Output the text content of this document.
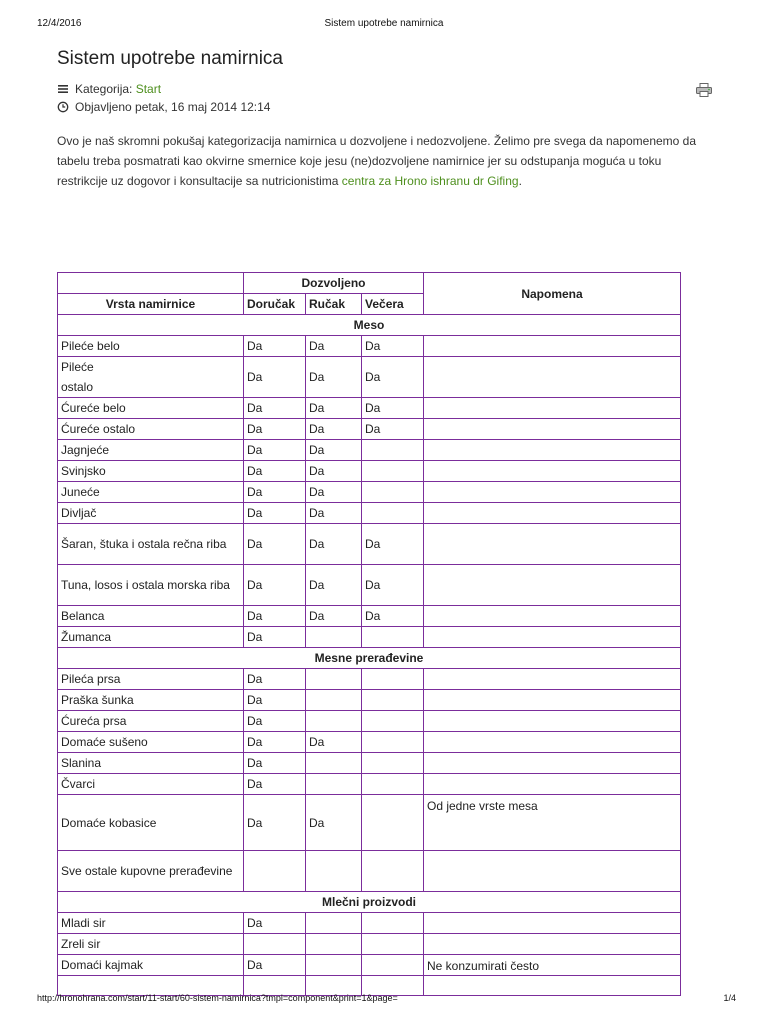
12/4/2016	Sistem upotrebe namirnica
Sistem upotrebe namirnica
Kategorija:
Start
Objavljeno petak, 16 maj 2014 12:14

Ovo je naš skromni pokušaj kategorizacija namirnica u dozvoljene i nedozvoljene. Želimo pre svega da napomenemo da tabelu treba posmatrati kao okvirne smernice koje jesu (ne)dozvoljene namirnice jer su odstupanja moguća u toku restrikcije uz dogovor i konsultacije sa nutricionistima centra za Hrono ishranu dr Gifing.

	Dozvoljeno			Napomena
Vrsta namirnice	Doručak	Ručak	Večera	
Meso				
Pileće belo	Da	Da	Da	
Pileće
ostalo	Da	Da	Da	
Ćureće belo	Da	Da	Da	
Ćureće ostalo	Da	Da	Da	
Jagnjeće	Da	Da		
Svinjsko	Da	Da		
Juneće	Da	Da		
Divljač	Da	Da		
Šaran, štuka i ostala rečna riba	Da	Da	Da	
Tuna, losos i ostala morska riba	Da	Da	Da	
Belanca	Da	Da	Da	
Žumanca	Da			
Mesne prerađevine				
Pileća prsa	Da			
Praška šunka	Da			
Ćureća prsa	Da			
Domaće sušeno	Da	Da		
Slanina	Da			
Čvarci	Da			
Domaće kobasice	Da	Da		Od jedne vrste mesa
Sve ostale kupovne prerađevine				
Mlečni proizvodi				
Mladi sir	Da			
Zreli sir				
Domaći kajmak	Da			Ne konzumirati često

http://hronohrana.com/start/11-start/60-sistem-namirnica?tmpl=component&print=1&page=	1/4
